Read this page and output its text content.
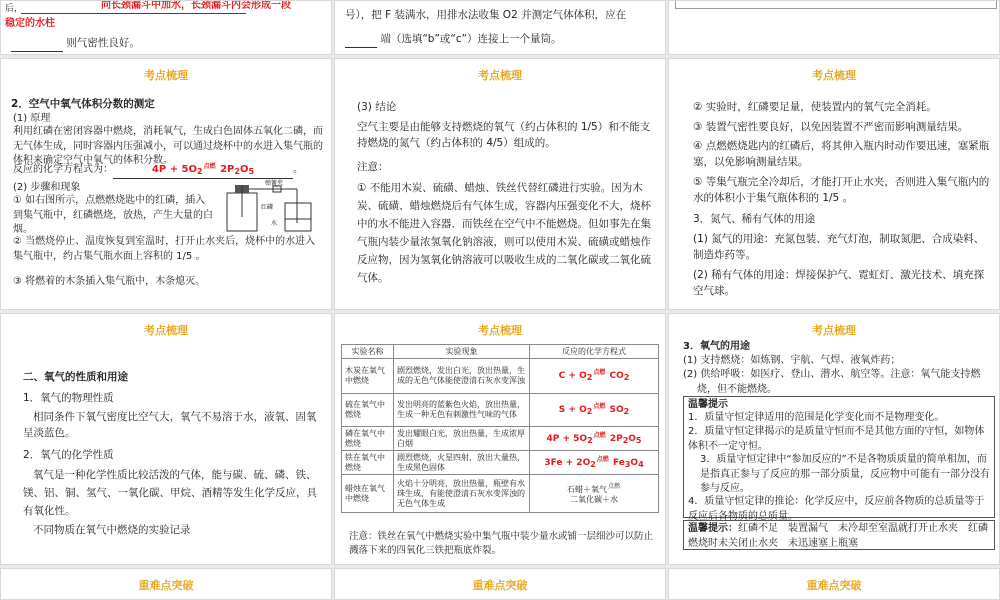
后，	向长颈漏斗中加水，长颈漏斗内会形成一段
稳定的水柱
则气密性良好。
号），把 F 装满水，用排水法收集 O2 并测定气体体积，应在
端（选填“b”或“c”）连接上一个量筒。
考点梳理
2．空气中氧气体积分数的测定
(1) 原理
利用红磷在密闭容器中燃烧，消耗氧气，生成白色固体五氧化二磷，而无气体生成，同时容器内压强减小，可以通过烧杯中的水进入集气瓶的体积来确定空气中氧气的体积分数。
反应的化学方程式为：	$4P + 5O_2^{点燃}$ $2P_2O_5$	。
(2) 步骤和现象
① 如右图所示，点燃燃烧匙中的红磷，插入到集气瓶中，红磷燃烧，放热，产生大量的白烟。
② 当燃烧停止、温度恢复到室温时，打开止水夹后，烧杯中的水进入集气瓶中，约占集气瓶水面上容积的 1/5 。
③ 将燃着的木条插入集气瓶中，木条熄灭。
弹簧夹
红磷
水
考点梳理
(3) 结论
空气主要是由能够支持燃烧的氧气（约占体积的 1/5）和不能支持燃烧的氮气（约占体积的 4/5）组成的。
注意：
① 不能用木炭、硫磺、蜡烛、铁丝代替红磷进行实验。因为木炭、硫磺、蜡烛燃烧后有气体生成，容器内压强变化不大，烧杯中的水不能进入容器．而铁丝在空气中不能燃烧。但如事先在集气瓶内装少量浓氢氧化钠溶液，则可以使用木炭、硫磺或蜡烛作反应物，因为氢氧化钠溶液可以吸收生成的二氧化碳或二氧化硫气体。
考点梳理
② 实验时，红磷要足量，使装置内的氧气完全消耗。
③ 装置气密性要良好，以免因装置不严密而影响测量结果。
④ 点燃燃烧匙内的红磷后，将其伸入瓶内时动作要迅速，塞紧瓶塞，以免影响测量结果。
⑤ 等集气瓶完全冷却后，才能打开止水夹，否则进入集气瓶内的水的体积小于集气瓶体积的 1/5 。
3．氮气、稀有气体的用途
(1) 氮气的用途：充氮包装、充气灯泡，制取氮肥、合成染料、制造炸药等。
(2) 稀有气体的用途：焊接保护气、霓虹灯、激光技术、填充探空气球。
考点梳理
二、氧气的性质和用途
1．氧气的物理性质
相同条件下氧气密度比空气大，氧气不易溶于水，液氧、固氧呈淡蓝色。
2．氧气的化学性质
氧气是一种化学性质比较活泼的气体，能与碳、硫、磷、铁、镁、铝、铜、氢气、一氧化碳、甲烷、酒精等发生化学反应，具有氧化性。
不同物质在氧气中燃烧的实验记录
考点梳理
实验名称	实验现象	反应的化学方程式
木炭在氧气中燃烧	剧烈燃烧，发出白光，放出热量，生成的无色气体能使澄清石灰水变浑浊	$C + O2^{点燃}$ CO2
硫在氧气中燃烧	发出明亮的蓝紫色火焰，放出热量，生成一种无色有刺激性气味的气体	$S + O2^{点燃}$ SO2
磷在氧气中燃烧	发出耀眼白光，放出热量，生成浓厚白烟	$4P + 5O2^{点燃}$ 2P2O5
铁在氧气中燃烧	剧烈燃烧，火星四射，放出大量热，生成黑色固体	$3Fe + 2O2^{点燃}$ Fe3O4
蜡烛在氧气中燃烧	火焰十分明亮，放出热量，瓶壁有水珠生成，有能使澄清石灰水变浑浊的无色气体生成	石蜡＋氧气$^{点燃}$
二氧化碳＋水
注意：铁丝在氧气中燃烧实验中集气瓶中装少量水或铺一层细沙可以防止溅落下来的四氧化三铁把瓶底炸裂。
考点梳理
3．氧气的用途
(1) 支持燃烧：如炼钢、宇航、气焊、液氧炸药；
(2) 供给呼吸：如医疗、登山、潜水、航空等。注意：氧气能支持燃烧，但不能燃烧。
温馨提示
1．质量守恒定律适用的范围是化学变化而不是物理变化。
2．质量守恒定律揭示的是质量守恒而不是其他方面的守恒，如物体体积不一定守恒。
3．质量守恒定律中“参加反应的”不是各物质质量的简单相加，而是指真正参与了反应的那一部分质量，反应物中可能有一部分没有参与反应。
4．质量守恒定律的推论：化学反应中，反应前各物质的总质量等于反应后各物质的总质量。
温馨提示：红磷不足　装置漏气　未冷却至室温就打开止水夹　红磷燃烧时未关闭止水夹　未迅速塞上瓶塞
重难点突破	重难点突破	重难点突破
